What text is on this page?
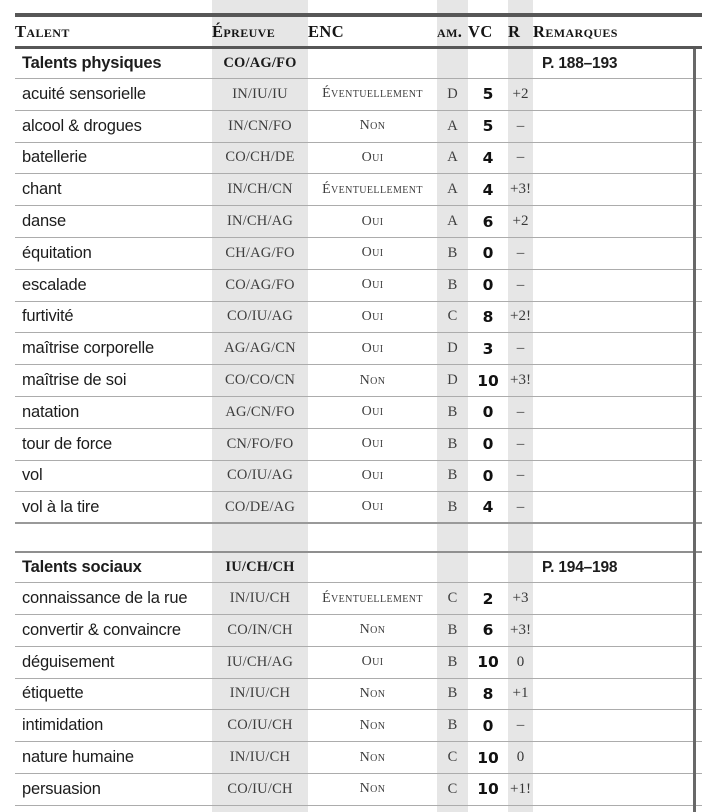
Talent	Épreuve	ENC	am. VC R Remarques
Talents physiques	CO/AG/FO	P. 188–193
acuité sensorielle	IN/IU/IU	Éventuellement	D	5	+2
alcool & drogues	IN/CN/FO	Non	A	5	–
batellerie	CO/CH/DE	Oui	A	4	–
chant	IN/CH/CN	Éventuellement	A	4	+3!
danse	IN/CH/AG	Oui	A	6	+2
équitation	CH/AG/FO	Oui	B	0	–
escalade	CO/AG/FO	Oui	B	0	–
furtivité	CO/IU/AG	Oui	C	8	+2!
maîtrise corporelle	AG/AG/CN	Oui	D	3	–
maîtrise de soi	CO/CO/CN	Non	D	10 +3!
natation	AG/CN/FO	Oui	B	0	–
tour de force	CN/FO/FO	Oui	B	0	–
vol	CO/IU/AG	Oui	B	0	–
vol à la tire	CO/DE/AG	Oui	B	4	–
Talents sociaux	IU/CH/CH	P. 194–198
connaissance de la rue	IN/IU/CH	Éventuellement	C	2	+3
convertir & convaincre	CO/IN/CH	Non	B	6	+3!
déguisement	IU/CH/AG	Oui	B	10	0
étiquette	IN/IU/CH	Non	B	8	+1
intimidation	CO/IU/CH	Non	B	0	–
nature humaine	IN/IU/CH	Non	C	10	0
persuasion	CO/IU/CH	Non	C	10 +1!
